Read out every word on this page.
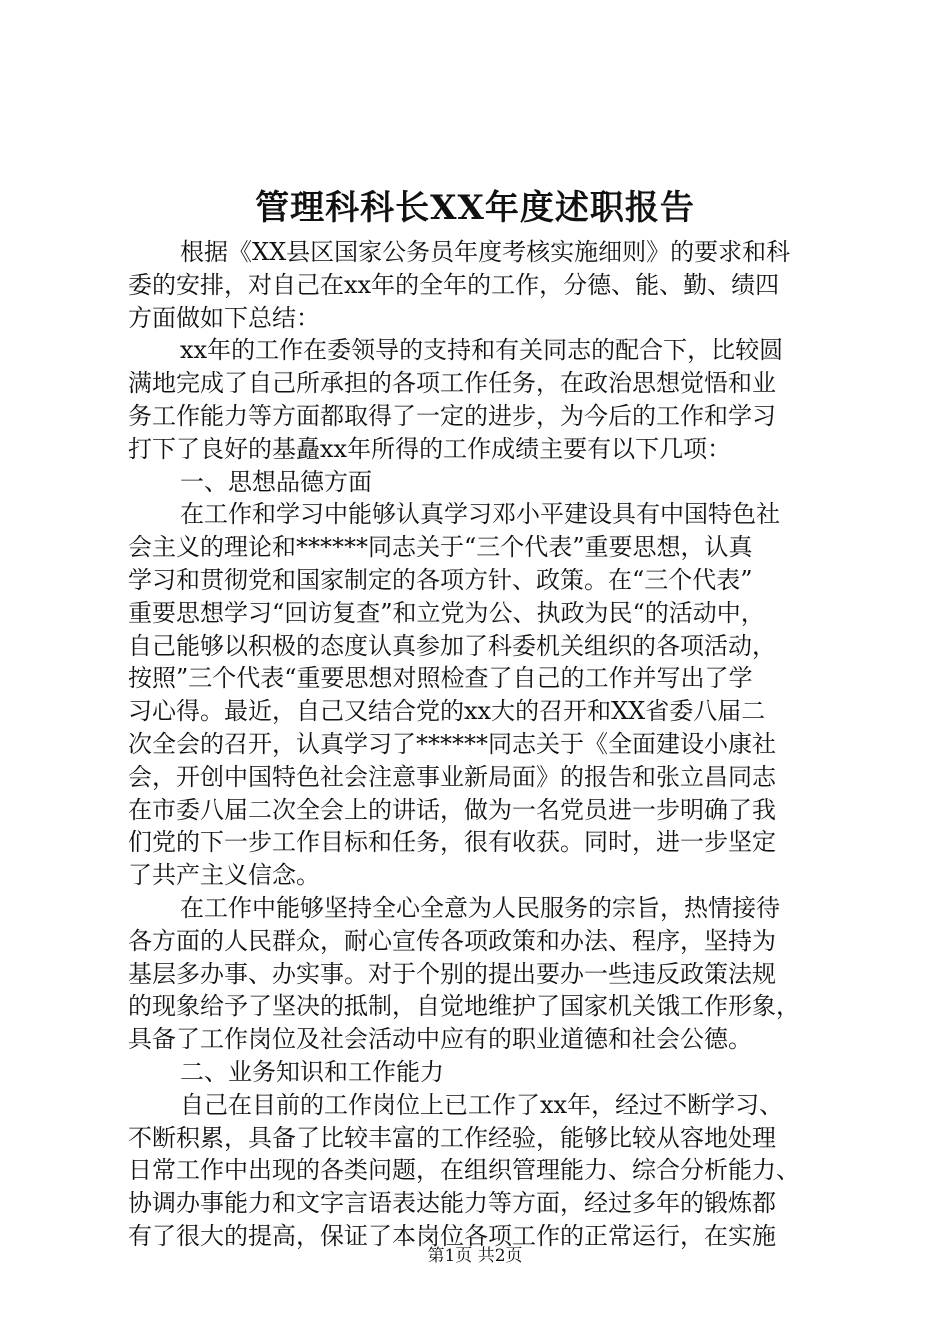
管理科科长XX年度述职报告
根据《XX县区国家公务员年度考核实施细则》的要求和科
委的安排，对自己在xx年的全年的工作，分德、能、勤、绩四
方面做如下总结：
xx年的工作在委领导的支持和有关同志的配合下，比较圆
满地完成了自己所承担的各项工作任务，在政治思想觉悟和业
务工作能力等方面都取得了一定的进步，为今后的工作和学习
打下了良好的基矗xx年所得的工作成绩主要有以下几项：
一、思想品德方面
在工作和学习中能够认真学习邓小平建设具有中国特色社
会主义的理论和******同志关于“三个代表”重要思想，认真
学习和贯彻党和国家制定的各项方针、政策。在“三个代表”
重要思想学习“回访复查”和立党为公、执政为民“的活动中，
自己能够以积极的态度认真参加了科委机关组织的各项活动，
按照”三个代表“重要思想对照检查了自己的工作并写出了学
习心得。最近，自己又结合党的xx大的召开和XX省委八届二
次全会的召开，认真学习了******同志关于《全面建设小康社
会，开创中国特色社会注意事业新局面》的报告和张立昌同志
在市委八届二次全会上的讲话，做为一名党员进一步明确了我
们党的下一步工作目标和任务，很有收获。同时，进一步坚定
了共产主义信念。
在工作中能够坚持全心全意为人民服务的宗旨，热情接待
各方面的人民群众，耐心宣传各项政策和办法、程序，坚持为
基层多办事、办实事。对于个别的提出要办一些违反政策法规
的现象给予了坚决的抵制，自觉地维护了国家机关饿工作形象，
具备了工作岗位及社会活动中应有的职业道德和社会公德。
二、业务知识和工作能力
自己在目前的工作岗位上已工作了xx年，经过不断学习、
不断积累，具备了比较丰富的工作经验，能够比较从容地处理
日常工作中出现的各类问题，在组织管理能力、综合分析能力、
协调办事能力和文字言语表达能力等方面，经过多年的锻炼都
有了很大的提高，保证了本岗位各项工作的正常运行，在实施
第1页 共2页
